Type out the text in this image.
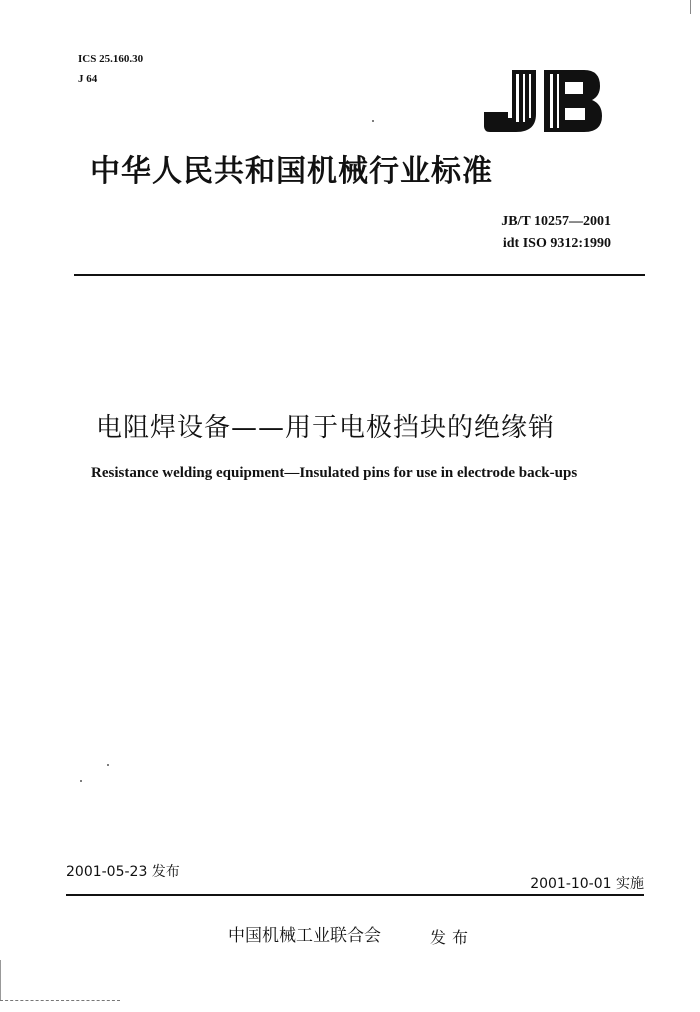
ICS 25.160.30
J 64
中华人民共和国机械行业标准
JB/T 10257—2001
idt ISO 9312:1990
电阻焊设备——用于电极挡块的绝缘销
Resistance welding equipment—Insulated pins for use in electrode back-ups
2001-05-23 发布
2001-10-01 实施
中国机械工业联合会	发布
